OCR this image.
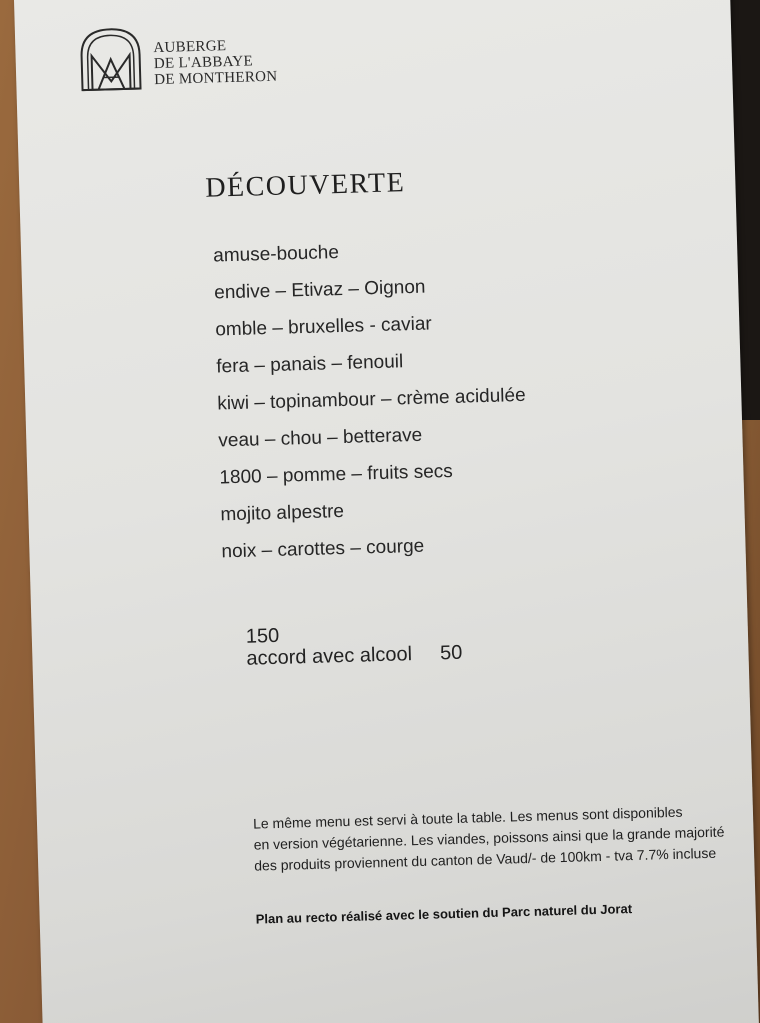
AUBERGE
DE L'ABBAYE
DE MONTHERON
DÉCOUVERTE
amuse-bouche
endive – Etivaz – Oignon
omble – bruxelles - caviar
fera – panais – fenouil
kiwi – topinambour – crème acidulée
veau – chou – betterave
1800 – pomme – fruits secs
mojito alpestre
noix – carottes – courge
150
accord avec alcool 50
Le même menu est servi à toute la table. Les menus sont disponibles
en version végétarienne. Les viandes, poissons ainsi que la grande majorité
des produits proviennent du canton de Vaud/- de 100km - tva 7.7% incluse
Plan au recto réalisé avec le soutien du Parc naturel du Jorat
